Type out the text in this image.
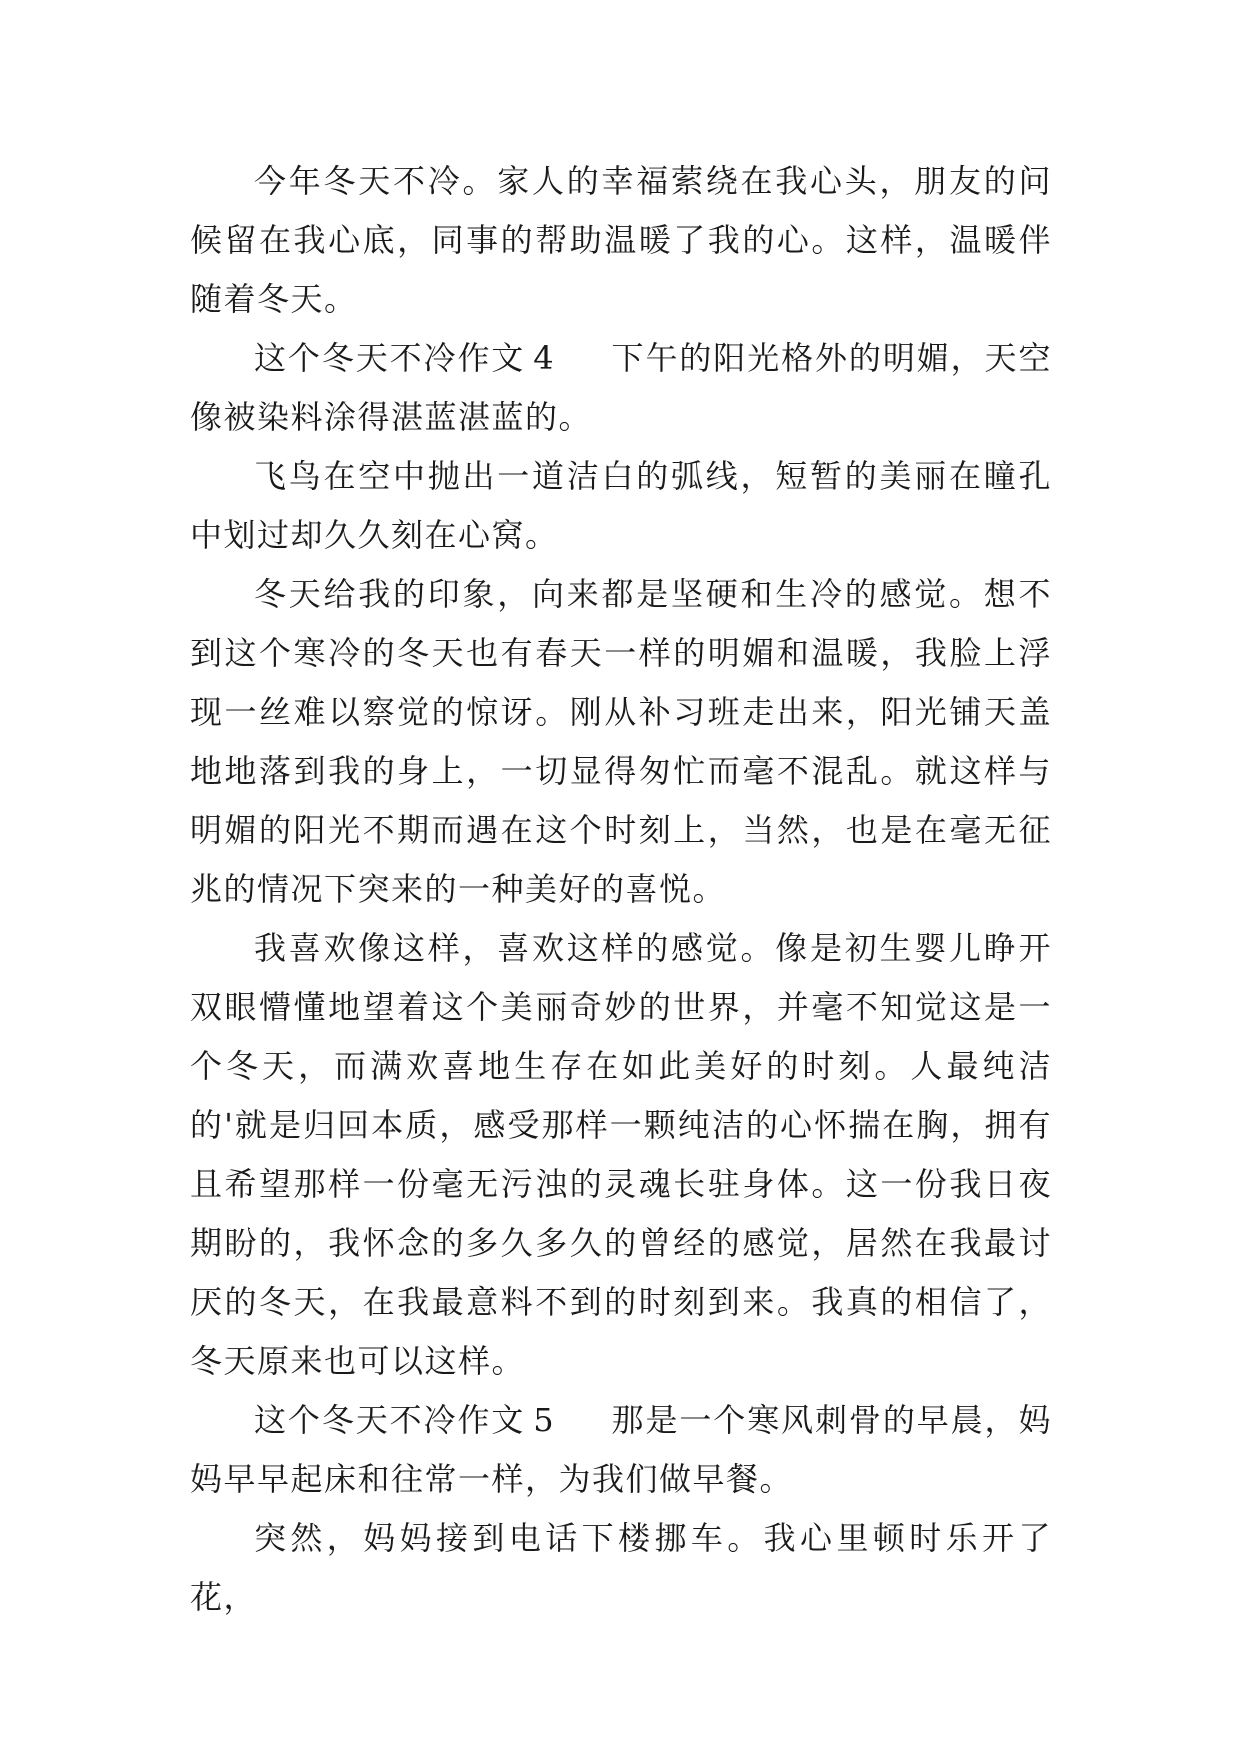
今年冬天不冷。家人的幸福萦绕在我心头，朋友的问候留在我心底，同事的帮助温暖了我的心。这样，温暖伴随着冬天。

这个冬天不冷作文 4 下午的阳光格外的明媚，天空像被染料涂得湛蓝湛蓝的。

飞鸟在空中抛出一道洁白的弧线，短暂的美丽在瞳孔中划过却久久刻在心窝。

冬天给我的印象，向来都是坚硬和生冷的感觉。想不到这个寒冷的冬天也有春天一样的明媚和温暖，我脸上浮现一丝难以察觉的惊讶。刚从补习班走出来，阳光铺天盖地地落到我的身上，一切显得匆忙而毫不混乱。就这样与明媚的阳光不期而遇在这个时刻上，当然，也是在毫无征兆的情况下突来的一种美好的喜悦。

我喜欢像这样，喜欢这样的感觉。像是初生婴儿睁开双眼懵懂地望着这个美丽奇妙的世界，并毫不知觉这是一个冬天，而满欢喜地生存在如此美好的时刻。人最纯洁的'就是归回本质，感受那样一颗纯洁的心怀揣在胸，拥有且希望那样一份毫无污浊的灵魂长驻身体。这一份我日夜期盼的，我怀念的多久多久的曾经的感觉，居然在我最讨厌的冬天，在我最意料不到的时刻到来。我真的相信了，冬天原来也可以这样。

这个冬天不冷作文 5 那是一个寒风刺骨的早晨，妈妈早早起床和往常一样，为我们做早餐。

突然，妈妈接到电话下楼挪车。我心里顿时乐开了花，
